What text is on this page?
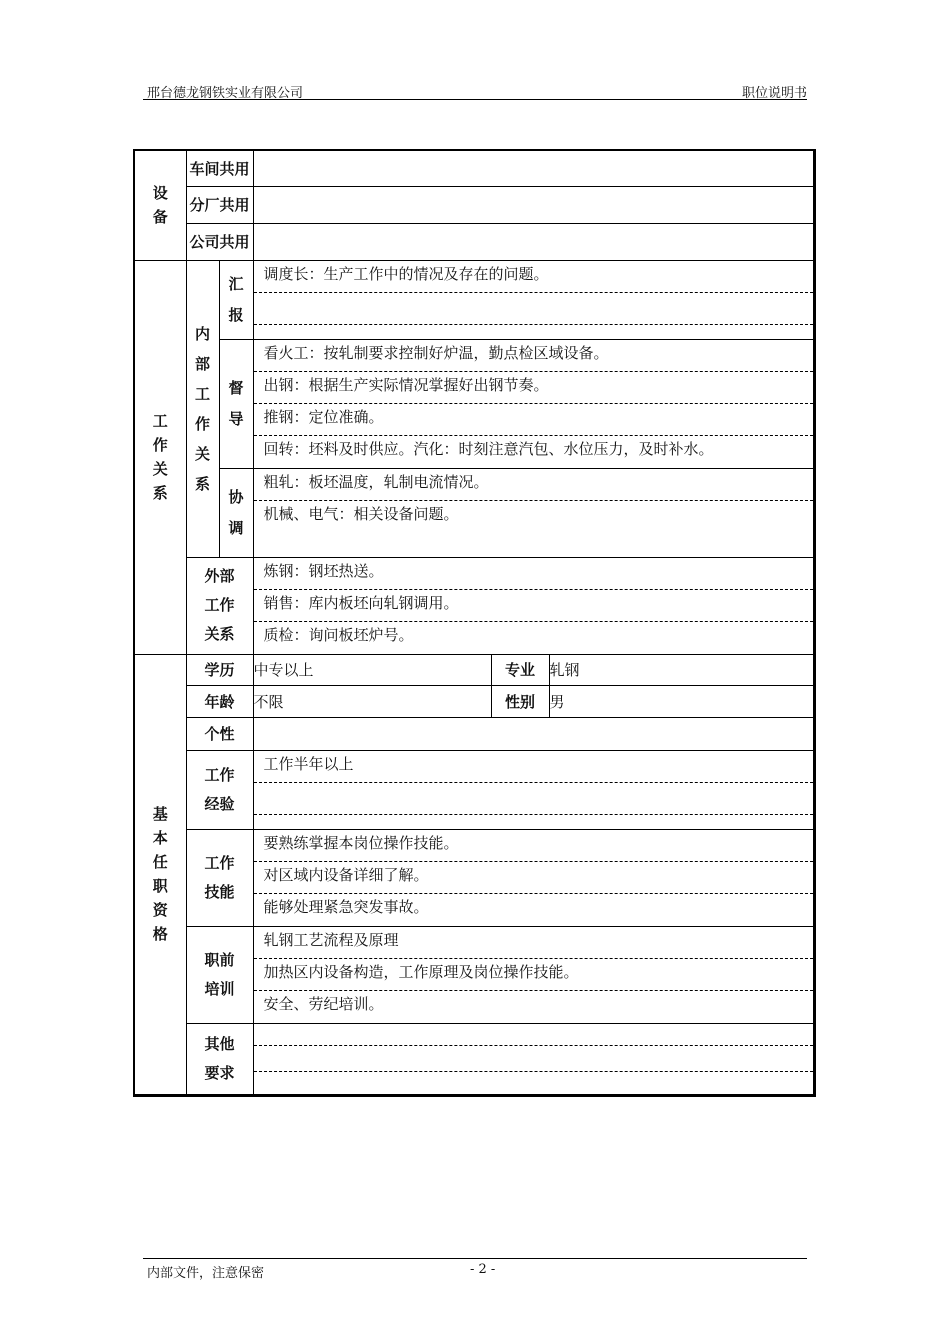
邢台德龙钢铁实业有限公司	职位说明书
设备	车间共用				
	分厂共用				
	公司共用				
工作关系	内部工作关系	汇报	调度长：生产工作中的情况及存在的问题。		

		督导	看火工：按轧制要求控制好炉温，勤点检区域设备。
出钢：根据生产实际情况掌握好出钢节奏。
推钢：定位准确。
回转：坯料及时供应。汽化：时刻注意汽包、水位压力，及时补水。		

		协调	粗轧：板坯温度，轧制电流情况。
机械、电气：相关设备问题。		

	外部工作关系		炼钢：钢坯热送。
销售：库内板坯向轧钢调用。
质检：询问板坯炉号。		

基本任职资格	学历		中专以上	专业	轧钢
	年龄		不限	性别	男
	个性				
	工作经验		工作半年以上		

	工作技能		要熟练掌握本岗位操作技能。
对区域内设备详细了解。
能够处理紧急突发事故。		

	职前培训		轧钢工艺流程及原理
加热区内设备构造，工作原理及岗位操作技能。
安全、劳纪培训。		

	其他要求				
内部文件，注意保密	- 2 -
